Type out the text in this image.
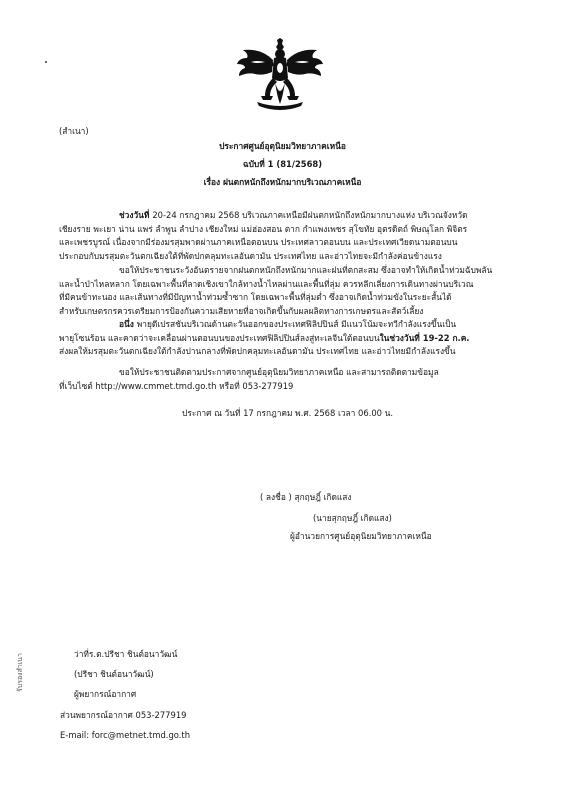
(สำเนา)
ประกาศศูนย์อุตุนิยมวิทยาภาคเหนือ
ฉบับที่ 1 (81/2568)
เรื่อง ฝนตกหนักถึงหนักมากบริเวณภาคเหนือ

ช่วงวันที่ 20-24 กรกฎาคม 2568 บริเวณภาคเหนือมีฝนตกหนักถึงหนักมากบางแห่ง บริเวณจังหวัด

เชียงราย พะเยา น่าน แพร่ ลำพูน ลำปาง เชียงใหม่ แม่ฮ่องสอน ตาก กำแพงเพชร สุโขทัย อุตรดิตถ์ พิษณุโลก พิจิตร

และเพชรบูรณ์ เนื่องจากมีร่องมรสุมพาดผ่านภาคเหนือตอนบน ประเทศลาวตอนบน และประเทศเวียดนามตอนบน

ประกอบกับมรสุมตะวันตกเฉียงใต้ที่พัดปกคลุมทะเลอันดามัน ประเทศไทย และอ่าวไทยจะมีกำลังค่อนข้างแรง

ขอให้ประชาชนระวังอันตรายจากฝนตกหนักถึงหนักมากและฝนที่ตกสะสม ซึ่งอาจทำให้เกิดน้ำท่วมฉับพลัน

และน้ำป่าไหลหลาก โดยเฉพาะพื้นที่ลาดเชิงเขาใกล้ทางน้ำไหลผ่านและพื้นที่ลุ่ม ควรหลีกเลี่ยงการเดินทางผ่านบริเวณ

ที่มีคนข้าทะนอง และเส้นทางที่มีปัญหาน้ำท่วมซ้ำซาก โดยเฉพาะพื้นที่ลุ่มต่ำ ซึ่งอาจเกิดน้ำท่วมขังในระยะสั้นได้

สำหรับเกษตรกรควรเตรียมการป้องกันความเสียหายที่อาจเกิดขึ้นกับผลผลิตทางการเกษตรและสัตว์เลี้ยง

อนึ่ง พายุดีเปรสชันบริเวณด้านตะวันออกของประเทศฟิลิปปินส์ มีแนวโน้มจะทวีกำลังแรงขึ้นเป็น

พายุโซนร้อน และคาดว่าจะเคลื่อนผ่านตอนบนของประเทศฟิลิปปินส์ลงสู่ทะเลจีนใต้ตอนบนในช่วงวันที่ 19-22 ก.ค.

ส่งผลให้มรสุมตะวันตกเฉียงใต้กำลังปานกลางที่พัดปกคลุมทะเลอันดามัน ประเทศไทย และอ่าวไทยมีกำลังแรงขึ้น

ขอให้ประชาชนติดตามประกาศจากศูนย์อุตุนิยมวิทยาภาคเหนือ และสามารถติดตามข้อมูล

ที่เว็บไซต์ http://www.cmmet.tmd.go.th หรือที่ 053-277919

ประกาศ ณ วันที่ 17 กรกฎาคม พ.ศ. 2568 เวลา 06.00 น.
( ลงชื่อ ) สุกฤษฎิ์ เกิดแสง
(นายสุกฤษฎิ์ เกิดแสง)
ผู้อำนวยการศูนย์อุตุนิยมวิทยาภาคเหนือ
ว่าที่ร.ต.ปรีชา ชินต์อนาวัฒน์
(ปรีชา ชินต์อนาวัฒน์)
ผู้พยากรณ์อากาศ
ส่วนพยากรณ์อากาศ 053-277919
E-mail: forc@metnet.tmd.go.th
รับรองสำเนา
